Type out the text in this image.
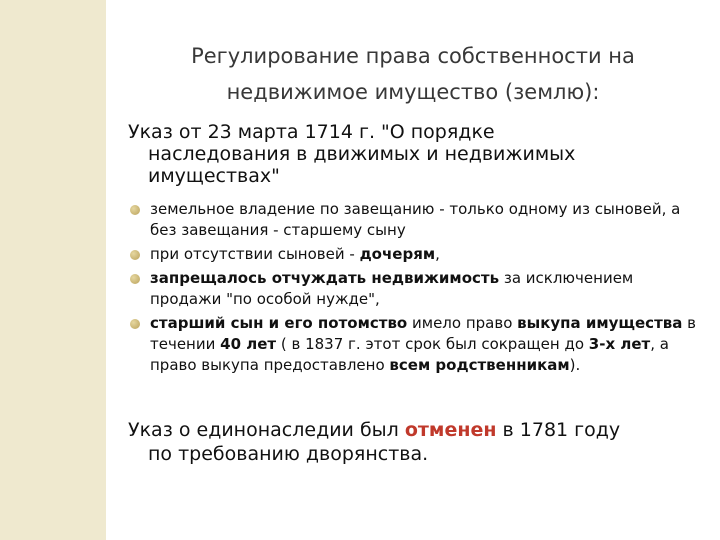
Регулирование права собственности на
недвижимое имущество (землю):
Указ от 23 марта 1714 г. "О порядке
наследования в движимых и недвижимых
имуществах"
земельное владение по завещанию - только одному из сыновей, а без завещания - старшему сыну
при отсутствии сыновей - дочерям,
запрещалось отчуждать недвижимость за исключением продажи "по особой нужде",
старший сын и его потомство имело право выкупа имущества в течении 40 лет ( в 1837 г. этот срок был сокращен до 3-х лет, а право выкупа предоставлено всем родственникам).
Указ о единонаследии был отменен в 1781 году
по требованию дворянства.
